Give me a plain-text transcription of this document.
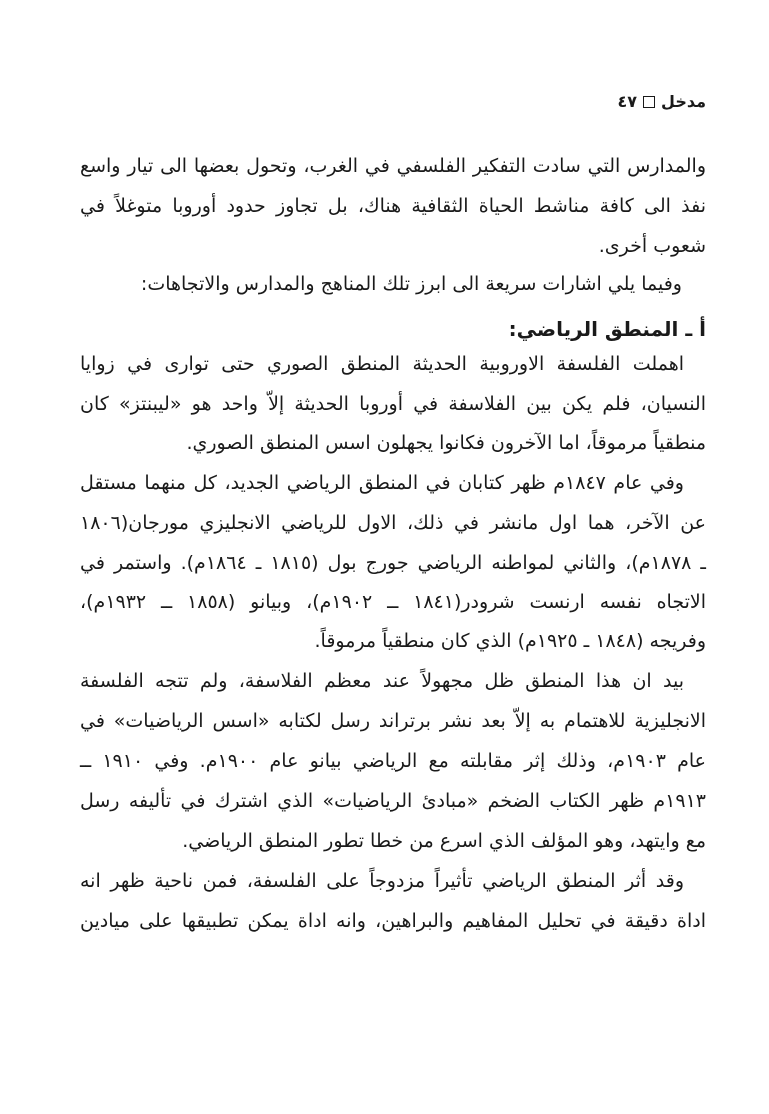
مدخل
٤٧
والمدارس التي سادت التفكير الفلسفي في الغرب، وتحول بعضها الى تيار واسع
نفذ الى كافة مناشط الحياة الثقافية هناك، بل تجاوز حدود أوروبا متوغلاً في
شعوب أخرى.
وفيما يلي اشارات سريعة الى ابرز تلك المناهج والمدارس والاتجاهات:
أ ـ المنطق الرياضي:
اهملت الفلسفة الاوروبية الحديثة المنطق الصوري حتى توارى في زوايا
النسيان، فلم يكن بين الفلاسفة في أوروبا الحديثة إلاّ واحد هو «ليبنتز» كان
منطقياً مرموقاً، اما الآخرون فكانوا يجهلون اسس المنطق الصوري.
وفي عام ١٨٤٧م ظهر كتابان في المنطق الرياضي الجديد، كل منهما مستقل
عن الآخر، هما اول مانشر في ذلك، الاول للرياضي الانجليزي مورجان(١٨٠٦
ـ ١٨٧٨م)، والثاني لمواطنه الرياضي جورج بول (١٨١٥ ـ ١٨٦٤م). واستمر في
الاتجاه نفسه ارنست شرودر(١٨٤١ ــ ١٩٠٢م)، وبيانو (١٨٥٨ ــ ١٩٣٢م)،
وفريجه (١٨٤٨ ـ ١٩٢٥م) الذي كان منطقياً مرموقاً.
بيد ان هذا المنطق ظل مجهولاً عند معظم الفلاسفة، ولم تتجه الفلسفة
الانجليزية للاهتمام به إلاّ بعد نشر برتراند رسل لكتابه «اسس الرياضيات» في
عام ١٩٠٣م، وذلك إثر مقابلته مع الرياضي بيانو عام ١٩٠٠م. وفي ١٩١٠ ــ
١٩١٣م ظهر الكتاب الضخم «مبادئ الرياضيات» الذي اشترك في تأليفه رسل
مع وايتهد، وهو المؤلف الذي اسرع من خطا تطور المنطق الرياضي.
وقد أثر المنطق الرياضي تأثيراً مزدوجاً على الفلسفة، فمن ناحية ظهر انه
اداة دقيقة في تحليل المفاهيم والبراهين، وانه اداة يمكن تطبيقها على ميادين
